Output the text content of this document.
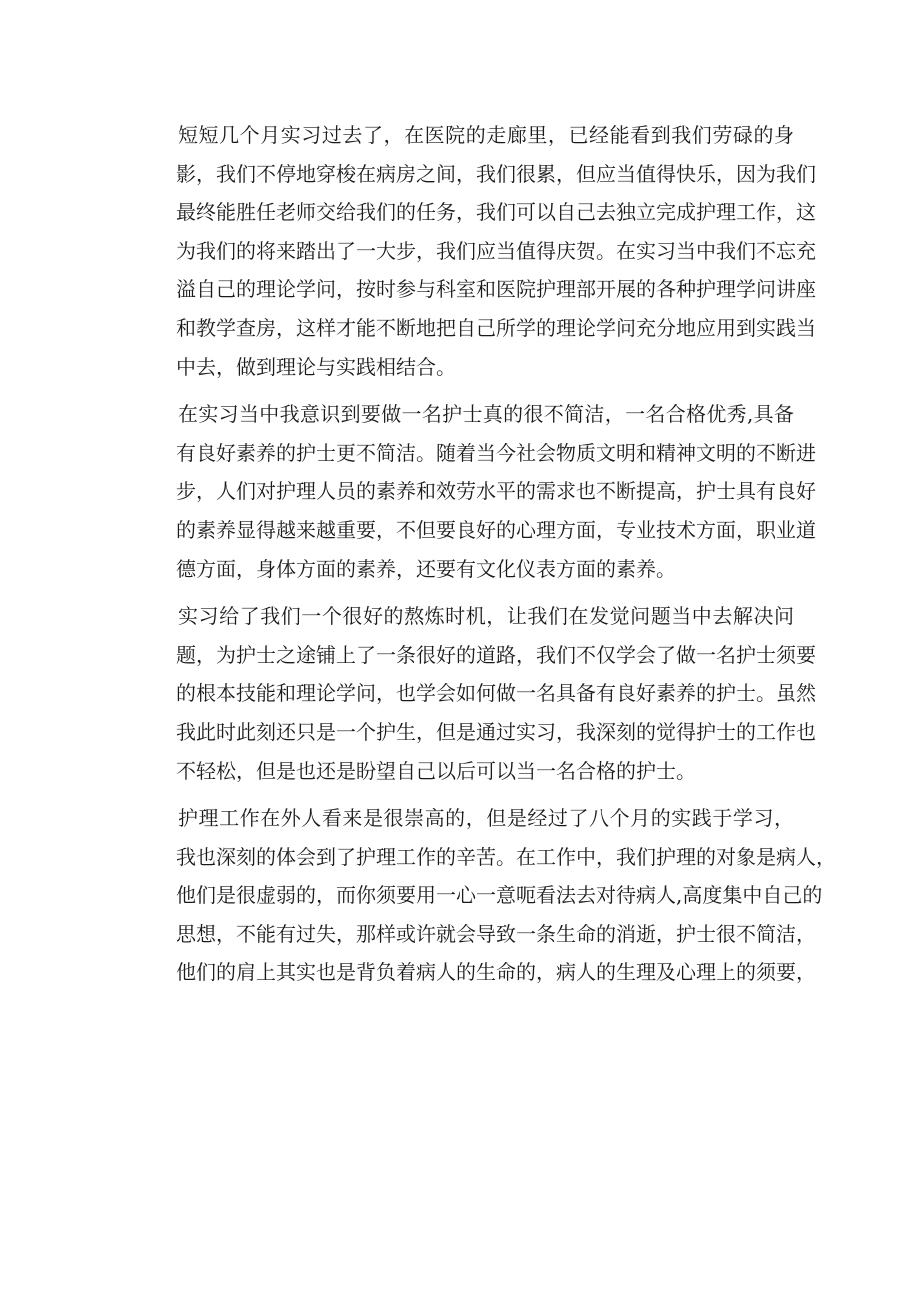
短短几个月实习过去了，在医院的走廊里，已经能看到我们劳碌的身
影，我们不停地穿梭在病房之间，我们很累，但应当值得快乐，因为我们
最终能胜任老师交给我们的任务，我们可以自己去独立完成护理工作，这
为我们的将来踏出了一大步，我们应当值得庆贺。在实习当中我们不忘充
溢自己的理论学问，按时参与科室和医院护理部开展的各种护理学问讲座
和教学查房，这样才能不断地把自己所学的理论学问充分地应用到实践当
中去，做到理论与实践相结合。
在实习当中我意识到要做一名护士真的很不简洁，一名合格优秀,具备
有良好素养的护士更不简洁。随着当今社会物质文明和精神文明的不断进
步，人们对护理人员的素养和效劳水平的需求也不断提高，护士具有良好
的素养显得越来越重要，不但要良好的心理方面，专业技术方面，职业道
德方面，身体方面的素养，还要有文化仪表方面的素养。
实习给了我们一个很好的熬炼时机，让我们在发觉问题当中去解决问
题，为护士之途铺上了一条很好的道路，我们不仅学会了做一名护士须要
的根本技能和理论学问，也学会如何做一名具备有良好素养的护士。虽然
我此时此刻还只是一个护生，但是通过实习，我深刻的觉得护士的工作也
不轻松，但是也还是盼望自己以后可以当一名合格的护士。
护理工作在外人看来是很崇高的，但是经过了八个月的实践于学习，
我也深刻的体会到了护理工作的辛苦。在工作中，我们护理的对象是病人，
他们是很虚弱的，而你须要用一心一意呃看法去对待病人,高度集中自己的
思想，不能有过失，那样或许就会导致一条生命的消逝，护士很不简洁，
他们的肩上其实也是背负着病人的生命的，病人的生理及心理上的须要，
